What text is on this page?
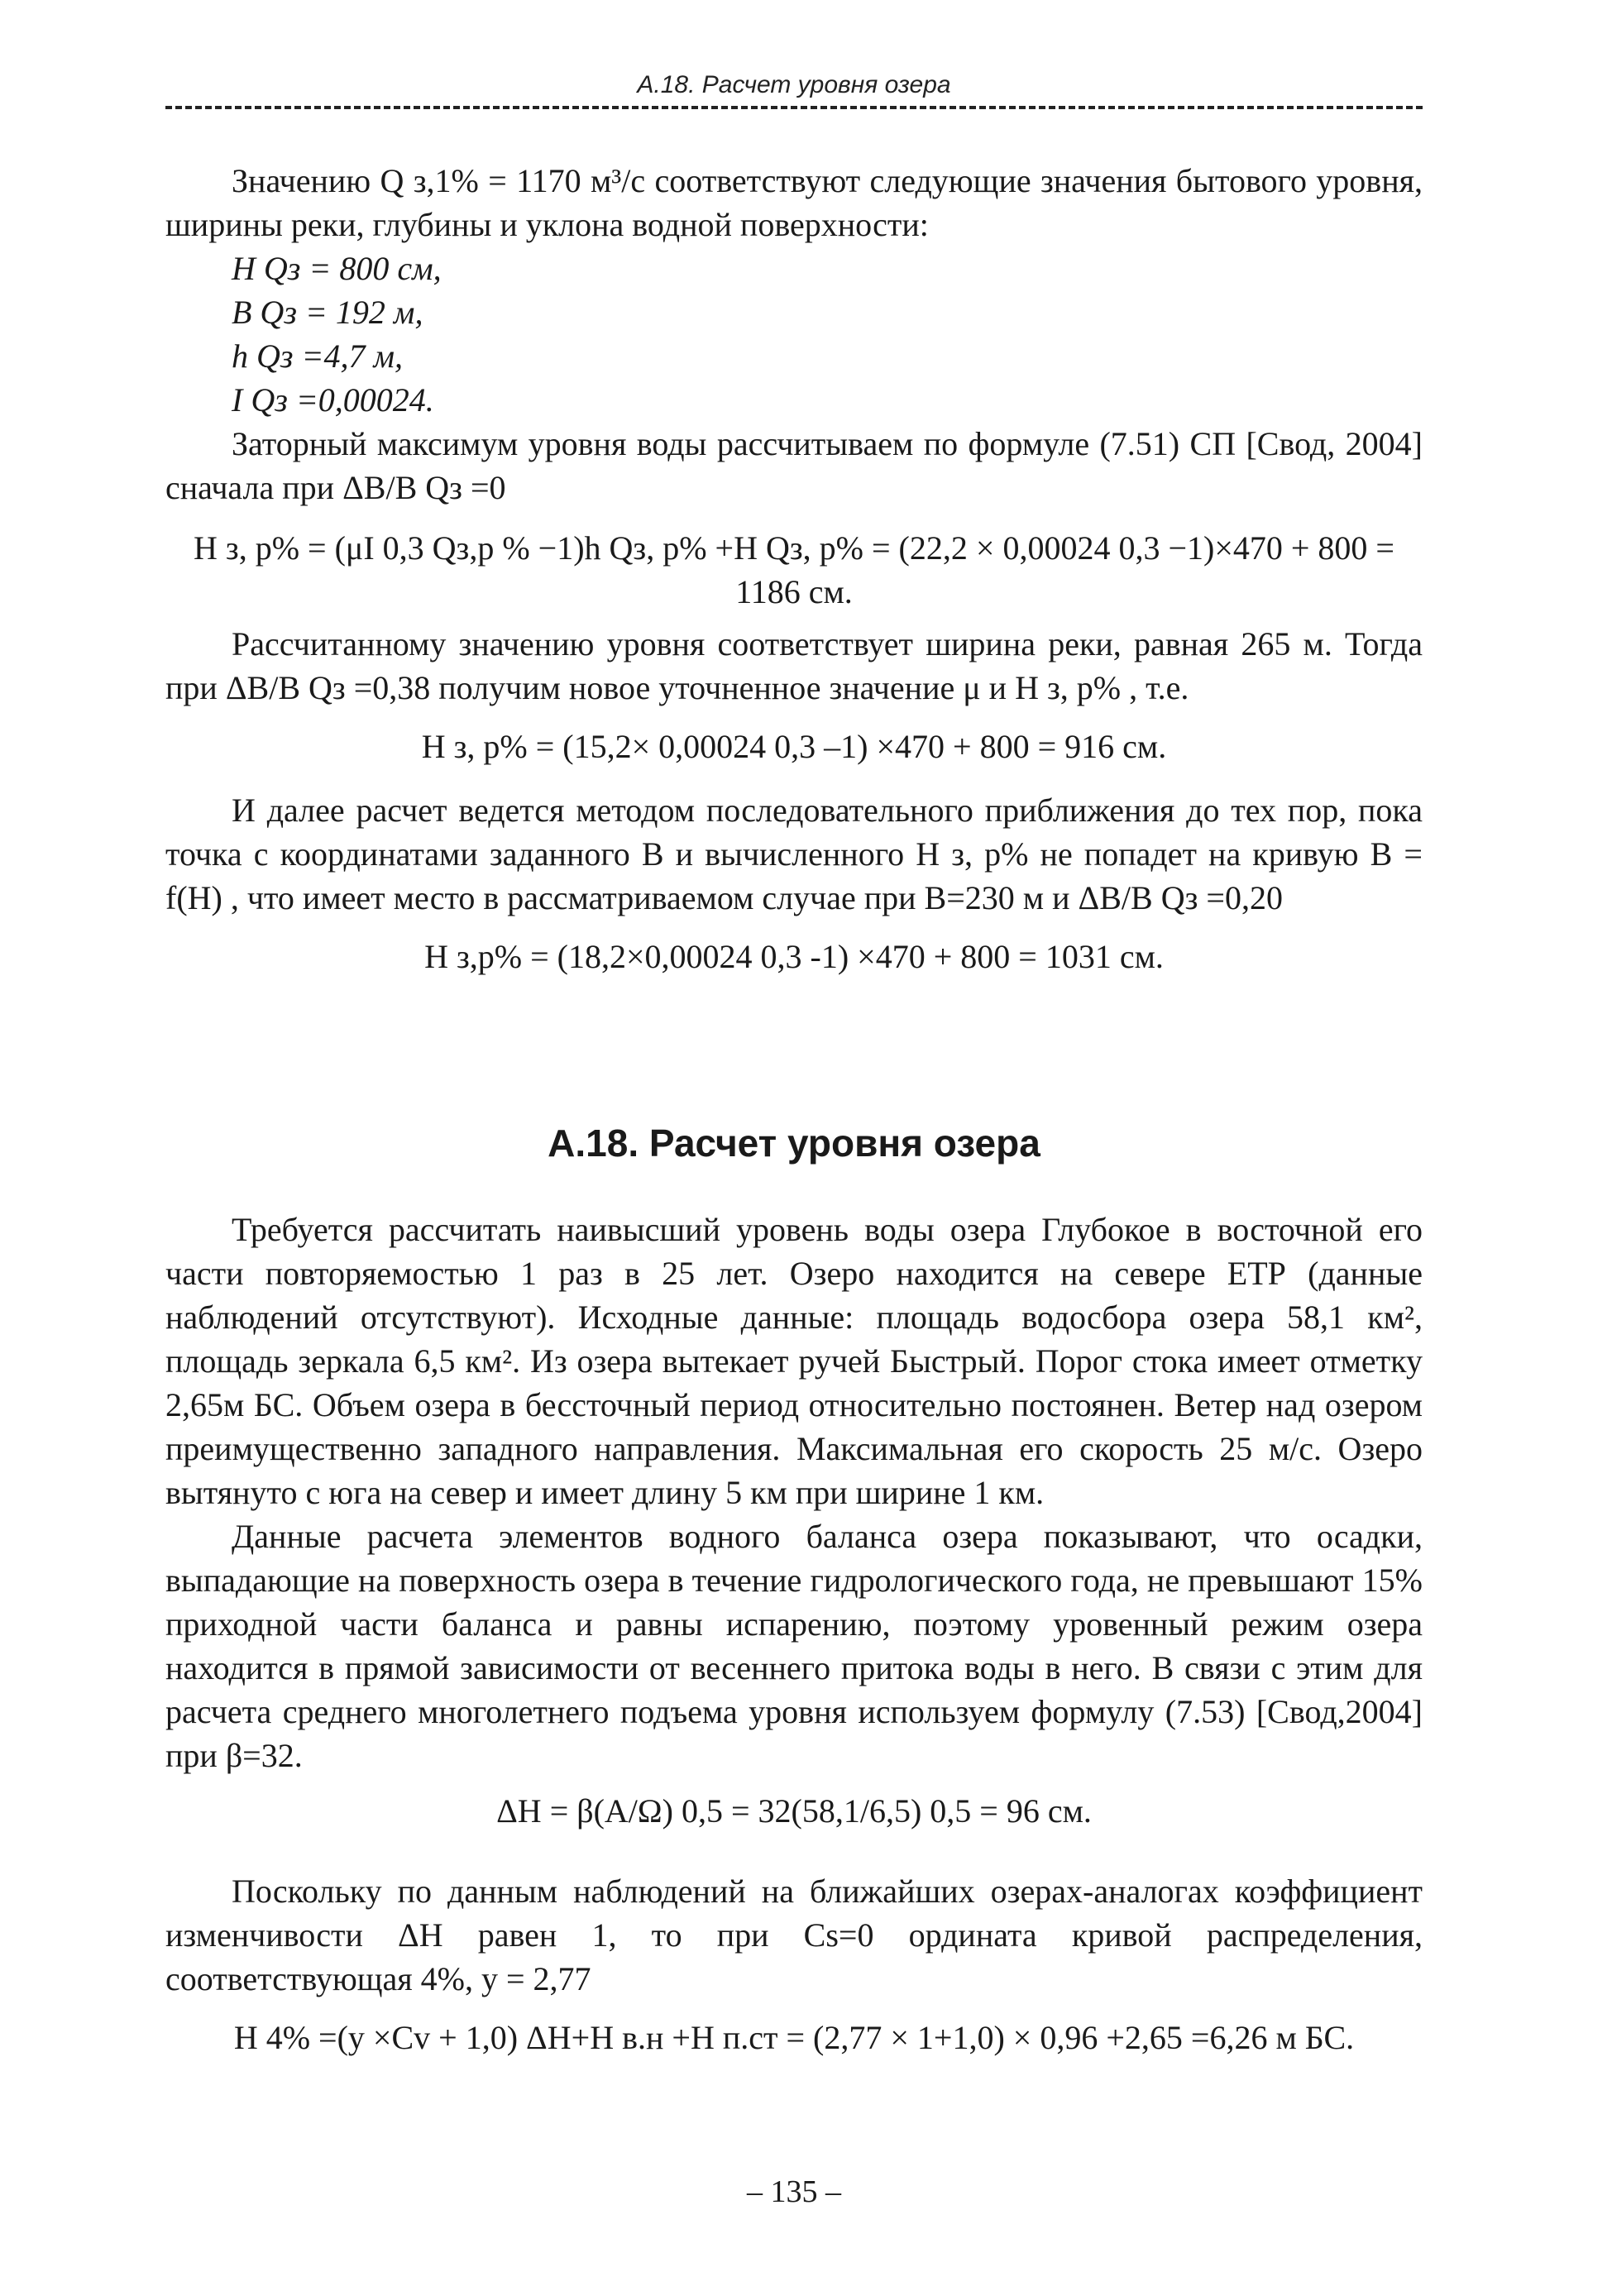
А.18. Расчет уровня озера

Значению Q з,1% = 1170 м³/с соответствуют следующие значения бытового уровня, ширины реки, глубины и уклона водной поверхности:

H Qз = 800 см,

B Qз = 192 м,

h Qз =4,7 м,

I Qз =0,00024.

Заторный максимум уровня воды рассчитываем по формуле (7.51) СП [Свод, 2004] сначала при ΔB/B Qз =0

H з, p% = (μI 0,3 Qз,p % −1)h Qз, p% +H Qз, p% = (22,2 × 0,00024 0,3 −1)×470 + 800 = 1186 см.

Рассчитанному значению уровня соответствует ширина реки, равная 265 м. Тогда при ΔB/B Qз =0,38 получим новое уточненное значение μ и H з, p% , т.е.

H з, p% = (15,2× 0,00024 0,3 –1) ×470 + 800 = 916 см.

И далее расчет ведется методом последовательного приближения до тех пор, пока точка с координатами заданного B и вычисленного H з, p% не попадет на кривую B = f(H) , что имеет место в рассматриваемом случае при B=230 м и ΔB/B Qз =0,20

H з,р% = (18,2×0,00024 0,3 -1) ×470 + 800 = 1031 см.

А.18. Расчет уровня озера

Требуется рассчитать наивысший уровень воды озера Глубокое в восточной его части повторяемостью 1 раз в 25 лет. Озеро находится на севере ЕТР (данные наблюдений отсутствуют). Исходные данные: площадь водосбора озера 58,1 км², площадь зеркала 6,5 км². Из озера вытекает ручей Быстрый. Порог стока имеет отметку 2,65м БС. Объем озера в бессточный период относительно постоянен. Ветер над озером преимущественно западного направления. Максимальная его скорость 25 м/с. Озеро вытянуто с юга на север и имеет длину 5 км при ширине 1 км.

Данные расчета элементов водного баланса озера показывают, что осадки, выпадающие на поверхность озера в течение гидрологического года, не превышают 15% приходной части баланса и равны испарению, поэтому уровенный режим озера находится в прямой зависимости от весеннего притока воды в него. В связи с этим для расчета среднего многолетнего подъема уровня используем формулу (7.53) [Свод,2004] при β=32.

ΔH = β(A/Ω) 0,5 = 32(58,1/6,5) 0,5 = 96 см.

Поскольку по данным наблюдений на ближайших озерах-аналогах коэффициент изменчивости ΔH равен 1, то при Cs=0 ордината кривой распределения, соответствующая 4%, y = 2,77

H 4% =(y ×Cv + 1,0) ΔH+H в.н +H п.ст = (2,77 × 1+1,0) × 0,96 +2,65 =6,26 м БС.

– 135 –
